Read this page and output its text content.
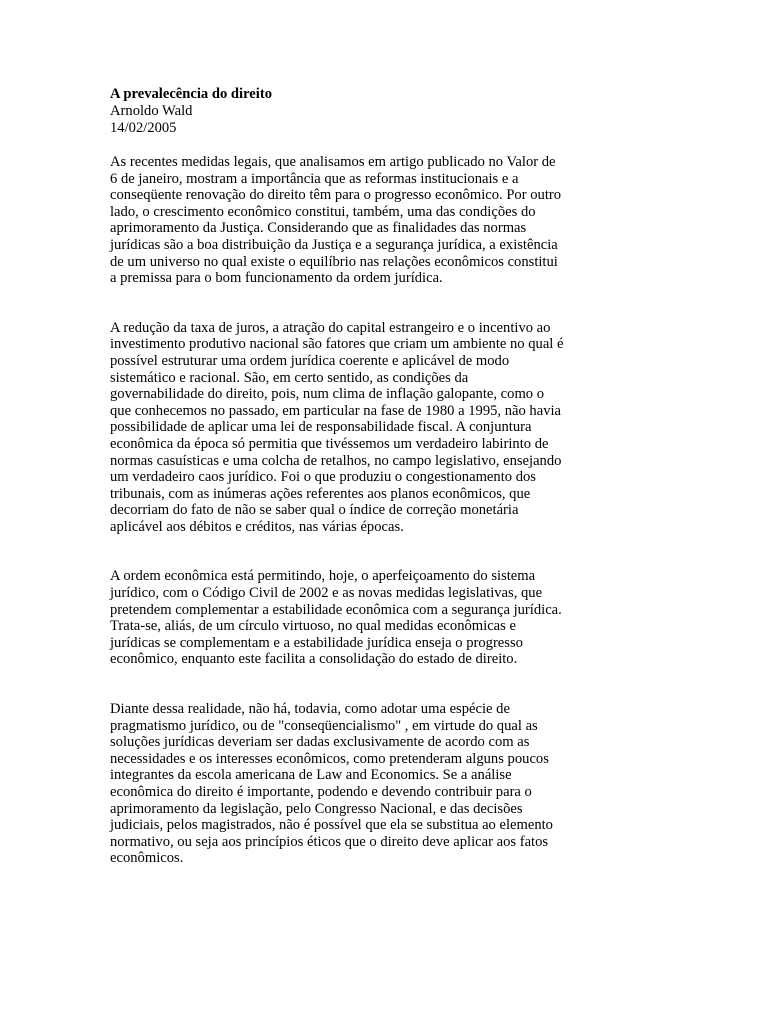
A prevalecência do direito

Arnoldo Wald

14/02/2005

As recentes medidas legais, que analisamos em artigo publicado no Valor de 6 de janeiro, mostram a importância que as reformas institucionais e a conseqüente renovação do direito têm para o progresso econômico. Por outro lado, o crescimento econômico constitui, também, uma das condições do aprimoramento da Justiça. Considerando que as finalidades das normas jurídicas são a boa distribuição da Justiça e a segurança jurídica, a existência de um universo no qual existe o equilíbrio nas relações econômicos constitui a premissa para o bom funcionamento da ordem jurídica.

A redução da taxa de juros, a atração do capital estrangeiro e o incentivo ao investimento produtivo nacional são fatores que criam um ambiente no qual é possível estruturar uma ordem jurídica coerente e aplicável de modo sistemático e racional. São, em certo sentido, as condições da governabilidade do direito, pois, num clima de inflação galopante, como o que conhecemos no passado, em particular na fase de 1980 a 1995, não havia possibilidade de aplicar uma lei de responsabilidade fiscal. A conjuntura econômica da época só permitia que tivéssemos um verdadeiro labirinto de normas casuísticas e uma colcha de retalhos, no campo legislativo, ensejando um verdadeiro caos jurídico. Foi o que produziu o congestionamento dos tribunais, com as inúmeras ações referentes aos planos econômicos, que decorriam do fato de não se saber qual o índice de correção monetária aplicável aos débitos e créditos, nas várias épocas.

A ordem econômica está permitindo, hoje, o aperfeiçoamento do sistema jurídico, com o Código Civil de 2002 e as novas medidas legislativas, que pretendem complementar a estabilidade econômica com a segurança jurídica. Trata-se, aliás, de um círculo virtuoso, no qual medidas econômicas e jurídicas se complementam e a estabilidade jurídica enseja o progresso econômico, enquanto este facilita a consolidação do estado de direito.

Diante dessa realidade, não há, todavia, como adotar uma espécie de pragmatismo jurídico, ou de "conseqüencialismo" , em virtude do qual as soluções jurídicas deveriam ser dadas exclusivamente de acordo com as necessidades e os interesses econômicos, como pretenderam alguns poucos integrantes da escola americana de Law and Economics. Se a análise econômica do direito é importante, podendo e devendo contribuir para o aprimoramento da legislação, pelo Congresso Nacional, e das decisões judiciais, pelos magistrados, não é possível que ela se substitua ao elemento normativo, ou seja aos princípios éticos que o direito deve aplicar aos fatos econômicos.
